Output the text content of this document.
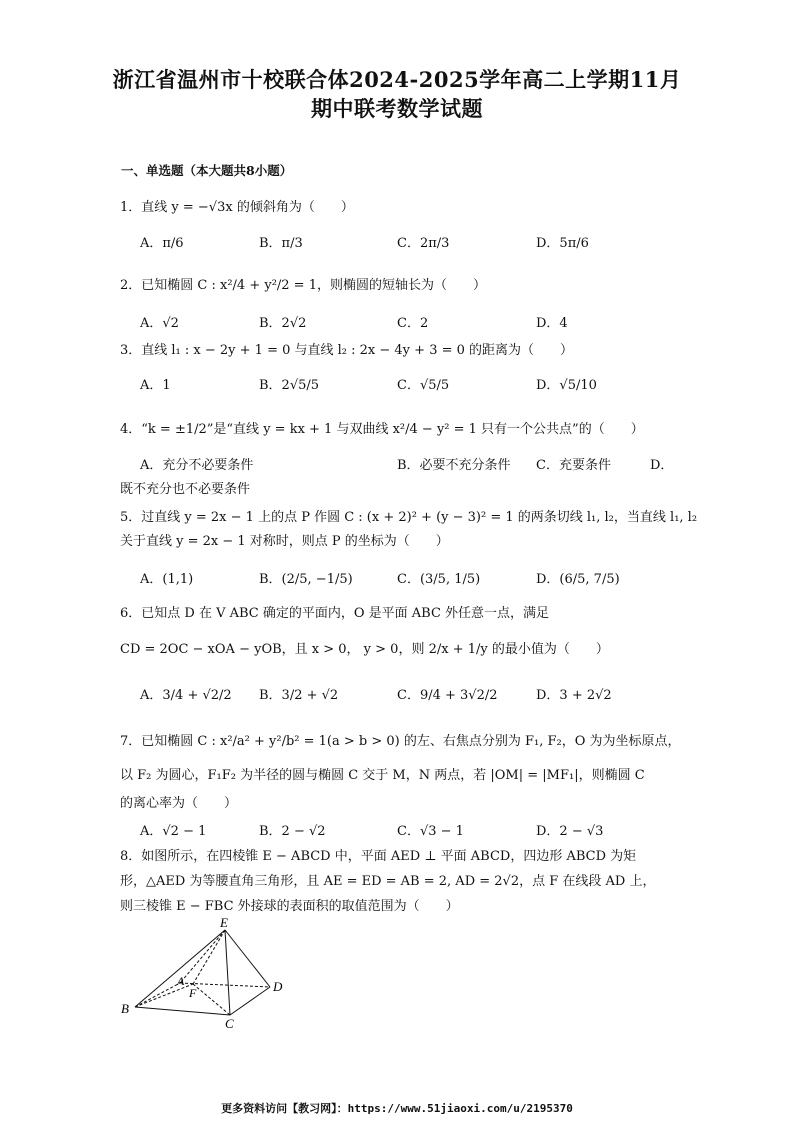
浙江省温州市十校联合体2024-2025学年高二上学期11月
期中联考数学试题
一、单选题（本大题共8小题）
1．直线 y = −√3x 的倾斜角为（　　）
A．π/6	B．π/3	C．2π/3	D．5π/6
2．已知椭圆 C : x²/4 + y²/2 = 1，则椭圆的短轴长为（　　）
A．√2	B．2√2	C．2	D．4
3．直线 l₁ : x − 2y + 1 = 0 与直线 l₂ : 2x − 4y + 3 = 0 的距离为（　　）
A．1	B．2√5/5	C．√5/5	D．√5/10
4．“k = ±1/2”是“直线 y = kx + 1 与双曲线 x²/4 − y² = 1 只有一个公共点”的（　　）
A．充分不必要条件	B．必要不充分条件 C．充要条件	D．
既不充分也不必要条件
5．过直线 y = 2x − 1 上的点 P 作圆 C : (x + 2)² + (y − 3)² = 1 的两条切线 l₁, l₂，当直线 l₁, l₂
关于直线 y = 2x − 1 对称时，则点 P 的坐标为（　　）
A．(1,1)	B．(2/5, −1/5)	C．(3/5, 1/5)	D．(6/5, 7/5)
6．已知点 D 在 V ABC 确定的平面内，O 是平面 ABC 外任意一点，满足
CD = 2OC − xOA − yOB，且 x > 0， y > 0，则 2/x + 1/y 的最小值为（　　）
A．3/4 + √2/2 B．3/2 + √2	C．9/4 + 3√2/2	D．3 + 2√2
7．已知椭圆 C : x²/a² + y²/b² = 1(a > b > 0) 的左、右焦点分别为 F₁, F₂，O 为为坐标原点，
以 F₂ 为圆心，F₁F₂ 为半径的圆与椭圆 C 交于 M，N 两点，若 |OM| = |MF₁|，则椭圆 C
的离心率为（　　）
A．√2 − 1	B．2 − √2	C．√3 − 1	D．2 − √3
8．如图所示，在四棱锥 E − ABCD 中，平面 AED ⊥ 平面 ABCD，四边形 ABCD 为矩
形，△AED 为等腰直角三角形，且 AE = ED = AB = 2, AD = 2√2，点 F 在线段 AD 上，
则三棱锥 E − FBC 外接球的表面积的取值范围为（　　）
E
A
F
B
C
D
更多资料访问【教习网】：https://www.51jiaoxi.com/u/2195370
